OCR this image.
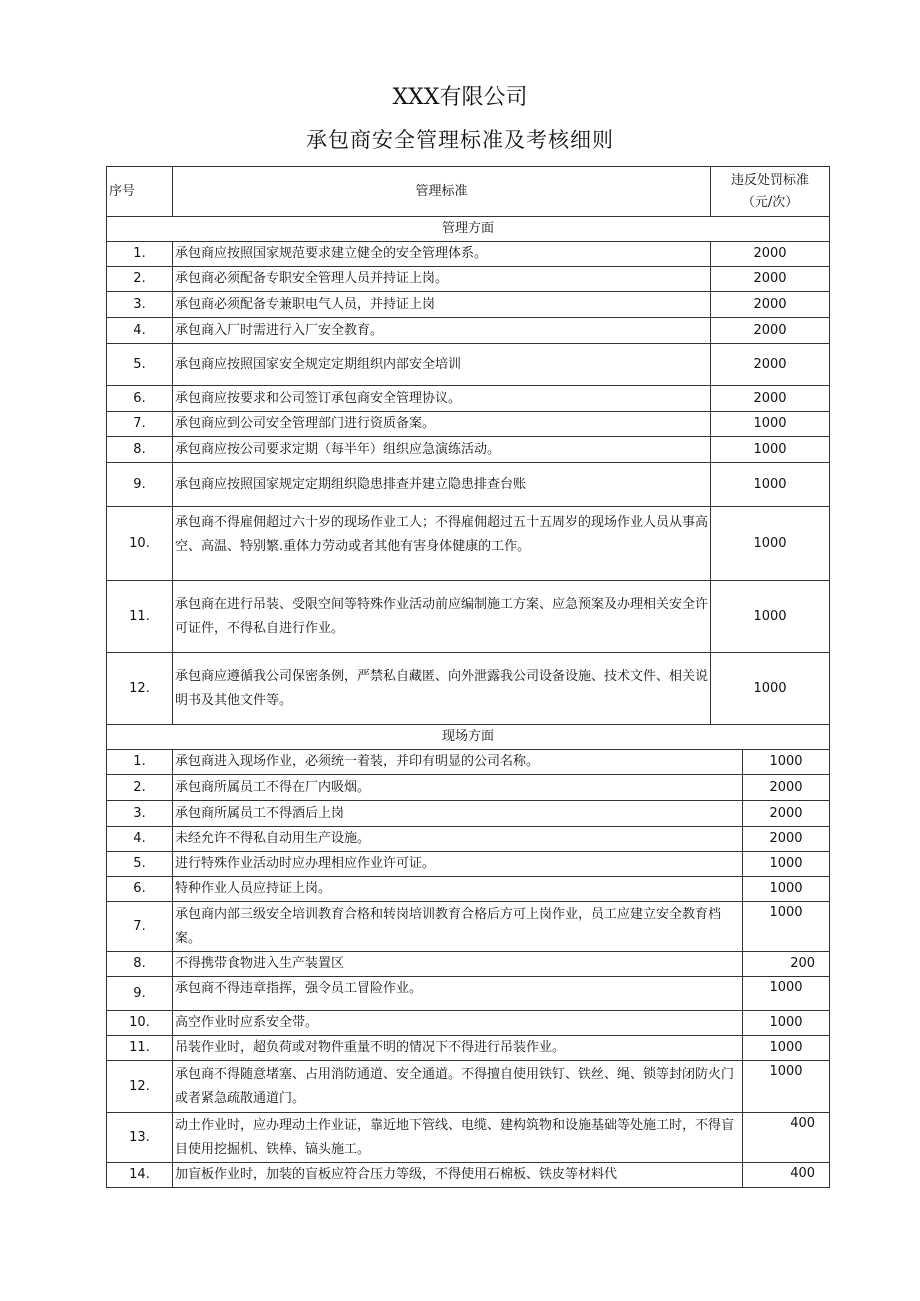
XXX有限公司
承包商安全管理标准及考核细则
序号	管理标准	违反处罚标准
（元/次）	

管理方面			
1.	承包商应按照国家规范要求建立健全的安全管理体系。	2000	
2.	承包商必须配备专职安全管理人员并持证上岗。	2000	
3.	承包商必须配备专兼职电气人员，并持证上岗	2000	
4.	承包商入厂时需进行入厂安全教育。	2000	
5.	承包商应按照国家安全规定定期组织内部安全培训	2000	
6.	承包商应按要求和公司签订承包商安全管理协议。	2000	
7.	承包商应到公司安全管理部门进行资质备案。	1000	
8.	承包商应按公司要求定期（每半年）组织应急演练活动。	1000	
9.	承包商应按照国家规定定期组织隐患排查并建立隐患排查台账	1000	
10.	承包商不得雇佣超过六十岁的现场作业工人；不得雇佣超过五十五周岁的现场作业人员从事高空、高温、特别繁.重体力劳动或者其他有害身体健康的工作。	1000	
11.	承包商在进行吊装、受限空间等特殊作业活动前应编制施工方案、应急预案及办理相关安全许可证件，不得私自进行作业。	1000	
12.	承包商应遵循我公司保密条例，严禁私自藏匿、向外泄露我公司设备设施、技术文件、相关说明书及其他文件等。	1000	
现场方面			
1.	承包商进入现场作业，必须统一着装，并印有明显的公司名称。		1000
2.	承包商所属员工不得在厂内吸烟。		2000
3.	承包商所属员工不得酒后上岗		2000
4.	未经允许不得私自动用生产设施。		2000
5.	进行特殊作业活动时应办理相应作业许可证。		1000
6.	特种作业人员应持证上岗。		1000
7.	承包商内部三级安全培训教育合格和转岗培训教育合格后方可上岗作业，员工应建立安全教育档案。		1000
8.	不得携带食物进入生产装置区		200
9.	承包商不得违章指挥，强令员工冒险作业。		1000
10.	高空作业时应系安全带。		1000
11.	吊装作业时，超负荷或对物件重量不明的情况下不得进行吊装作业。		1000
12.	承包商不得随意堵塞、占用消防通道、安全通道。不得擅自使用铁钉、铁丝、绳、锁等封闭防火门或者紧急疏散通道门。		1000
13.	动土作业时，应办理动土作业证，靠近地下管线、电缆、建构筑物和设施基础等处施工时，不得盲目使用挖掘机、铁棒、镐头施工。		400
14.	加盲板作业时，加装的盲板应符合压力等级，不得使用石棉板、铁皮等材料代		400
